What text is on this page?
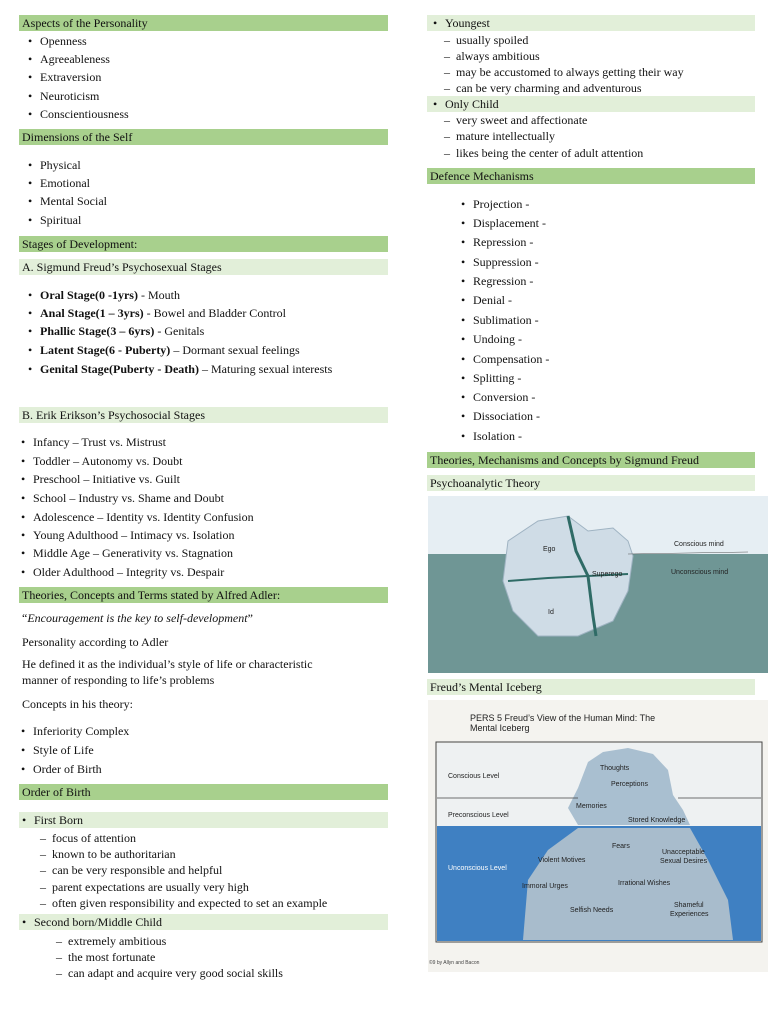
Aspects of the Personality
• Openness
• Agreeableness
• Extraversion
• Neuroticism
• Conscientiousness
Dimensions of the Self
• Physical
• Emotional
• Mental Social
• Spiritual
Stages of Development:
A. Sigmund Freud’s Psychosexual Stages
• Oral Stage(0 -1yrs) - Mouth
• Anal Stage(1 – 3yrs) - Bowel and Bladder Control
• Phallic Stage(3 – 6yrs) - Genitals
• Latent Stage(6 - Puberty) – Dormant sexual feelings
• Genital Stage(Puberty - Death) – Maturing sexual interests
B. Erik Erikson’s Psychosocial Stages
• Infancy – Trust vs. Mistrust
• Toddler – Autonomy vs. Doubt
• Preschool – Initiative vs. Guilt
• School – Industry vs. Shame and Doubt
• Adolescence – Identity vs. Identity Confusion
• Young Adulthood – Intimacy vs. Isolation
• Middle Age – Generativity vs. Stagnation
• Older Adulthood – Integrity vs. Despair
Theories, Concepts and Terms stated by Alfred Adler:
“Encouragement is the key to self-development”
Personality according to Adler
He defined it as the individual’s style of life or characteristic
manner of responding to life’s problems
Concepts in his theory:
• Inferiority Complex
• Style of Life
• Order of Birth
Order of Birth
• First Born
– focus of attention
– known to be authoritarian
– can be very responsible and helpful
– parent expectations are usually very high
– often given responsibility and expected to set an example
• Second born/Middle Child
– extremely ambitious
– the most fortunate
– can adapt and acquire very good social skills
• Youngest
– usually spoiled
– always ambitious
– may be accustomed to always getting their way
– can be very charming and adventurous
• Only Child
– very sweet and affectionate
– mature intellectually
– likes being the center of adult attention
Defence Mechanisms
• Projection -
• Displacement -
• Repression -
• Suppression -
• Regression -
• Denial -
• Sublimation -
• Undoing -
• Compensation -
• Splitting -
• Conversion -
• Dissociation -
• Isolation -
Theories, Mechanisms and Concepts by Sigmund Freud
Psychoanalytic Theory
Ego
Superego
Id
Conscious mind
Unconscious mind
Freud’s Mental Iceberg
PERS 5 Freud’s View of the Human Mind: The
Mental Iceberg
Conscious Level
Preconscious Level
Unconscious Level
Thoughts
Perceptions
Memories
Stored Knowledge
Fears
Unacceptable
Sexual Desires
Violent Motives
Immoral Urges	Irrational Wishes
Selfish Needs
Shameful
Experiences
©9 by Allyn and Bacon
